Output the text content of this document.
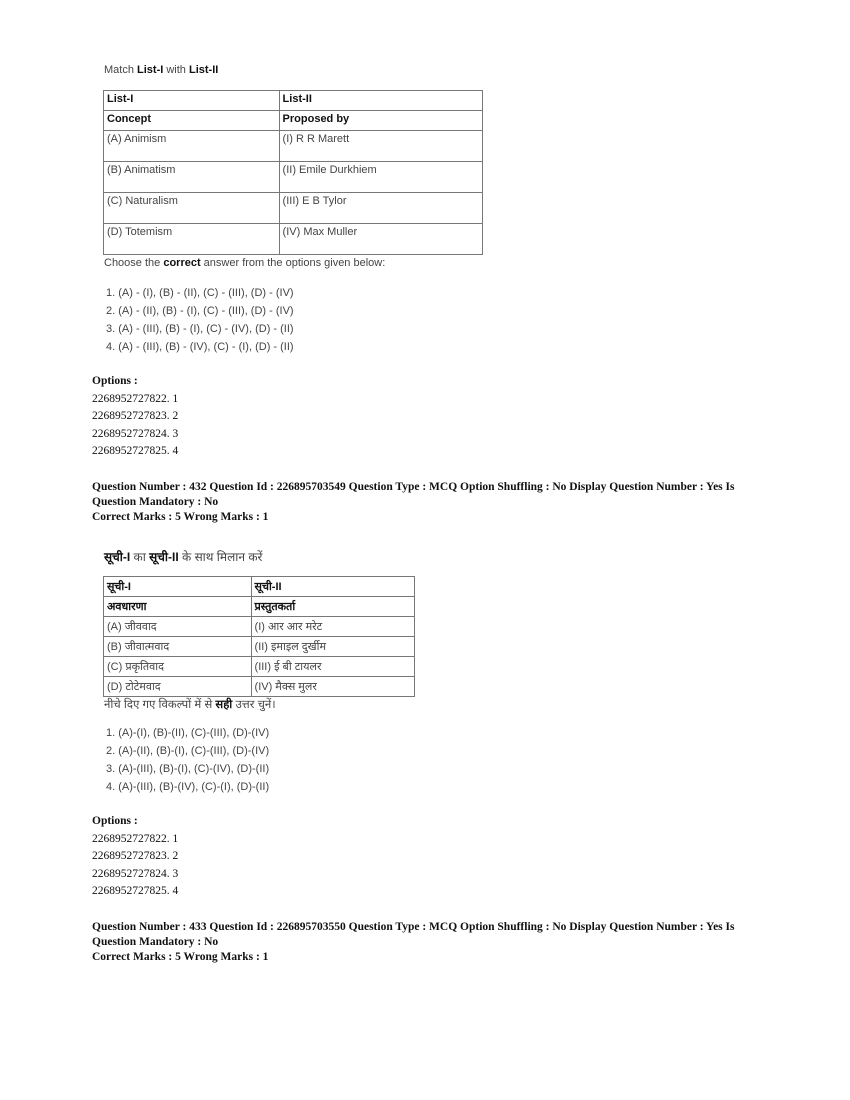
Match List-I with List-II
List-I	List-II
Concept	Proposed by
(A) Animism	(I) R R Marett
(B) Animatism	(II) Emile Durkhiem
(C) Naturalism	(III) E B Tylor
(D) Totemism	(IV) Max Muller
Choose the correct answer from the options given below:
1. (A) - (I), (B) - (II), (C) - (III), (D) - (IV)
2. (A) - (II), (B) - (I), (C) - (III), (D) - (IV)
3. (A) - (III), (B) - (I), (C) - (IV), (D) - (II)
4. (A) - (III), (B) - (IV), (C) - (I), (D) - (II)
Options :
2268952727822. 1
2268952727823. 2
2268952727824. 3
2268952727825. 4
Question Number : 432 Question Id : 226895703549 Question Type : MCQ Option Shuffling : No Display Question Number : Yes Is
Question Mandatory : No
Correct Marks : 5 Wrong Marks : 1
सूची-I का सूची-II के साथ मिलान करें
सूची-I	सूची-II
अवधारणा	प्रस्तुतकर्ता
(A) जीववाद	(I) आर आर मरेट
(B) जीवात्मवाद	(II) इमाइल दुर्खीम
(C) प्रकृतिवाद	(III) ई बी टायलर
(D) टोटेमवाद	(IV) मैक्स मुलर
नीचे दिए गए विकल्पों में से सही उत्तर चुनें।
1. (A)-(I), (B)-(II), (C)-(III), (D)-(IV)
2. (A)-(II), (B)-(I), (C)-(III), (D)-(IV)
3. (A)-(III), (B)-(I), (C)-(IV), (D)-(II)
4. (A)-(III), (B)-(IV), (C)-(I), (D)-(II)
Options :
2268952727822. 1
2268952727823. 2
2268952727824. 3
2268952727825. 4
Question Number : 433 Question Id : 226895703550 Question Type : MCQ Option Shuffling : No Display Question Number : Yes Is
Question Mandatory : No
Correct Marks : 5 Wrong Marks : 1
